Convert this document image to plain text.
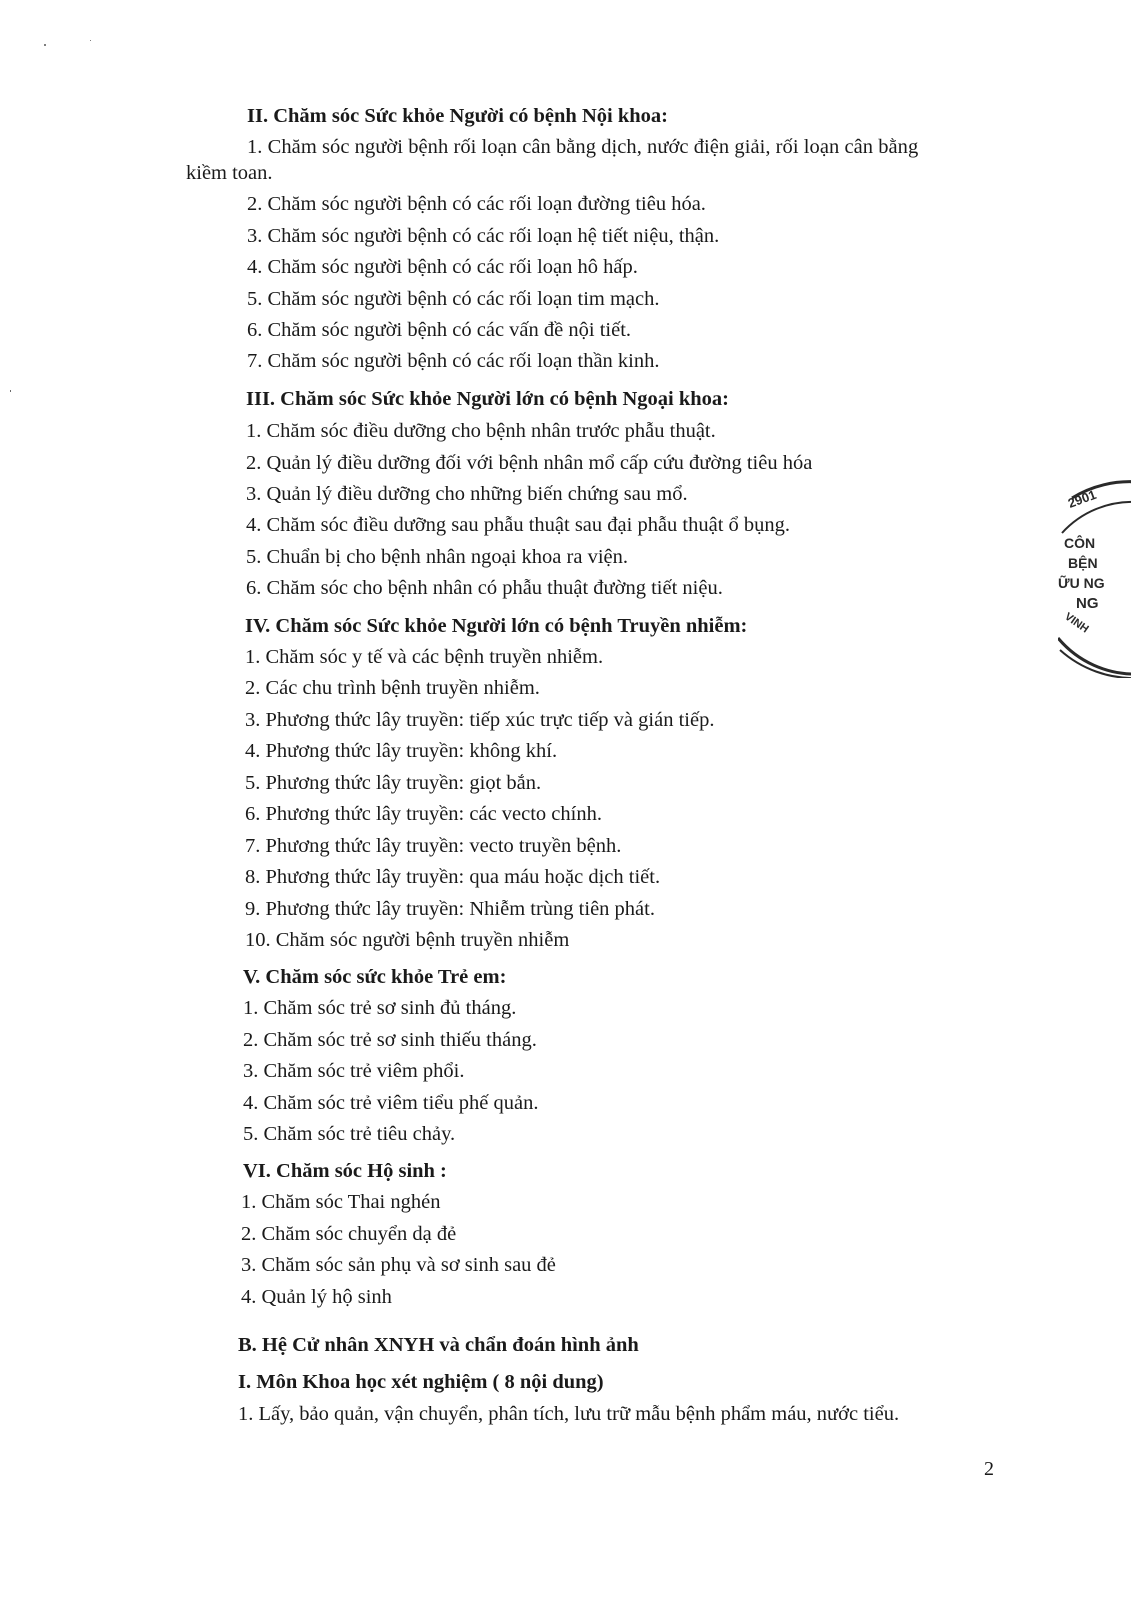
II. Chăm sóc Sức khỏe Người có bệnh Nội khoa:
1. Chăm sóc người bệnh rối loạn cân bằng dịch, nước điện giải, rối loạn cân bằng
kiềm toan.
2. Chăm sóc người bệnh có các rối loạn đường tiêu hóa.
3. Chăm sóc người bệnh có các rối loạn hệ tiết niệu, thận.
4. Chăm sóc người bệnh có các rối loạn hô hấp.
5. Chăm sóc người bệnh có các rối loạn tim mạch.
6. Chăm sóc người bệnh có các vấn đề nội tiết.
7. Chăm sóc người bệnh có các rối loạn thần kinh.
III. Chăm sóc Sức khỏe Người lớn có bệnh Ngoại khoa:
1. Chăm sóc điều dưỡng cho bệnh nhân trước phẫu thuật.
2. Quản lý điều dưỡng đối với bệnh nhân mổ cấp cứu đường tiêu hóa
3. Quản lý điều dưỡng cho những biến chứng sau mổ.
4. Chăm sóc điều dưỡng sau phẫu thuật sau đại phẫu thuật ổ bụng.
5. Chuẩn bị cho bệnh nhân ngoại khoa ra viện.
6. Chăm sóc cho bệnh nhân có phẫu thuật đường tiết niệu.
IV. Chăm sóc Sức khỏe Người lớn có bệnh Truyền nhiễm:
1. Chăm sóc y tế và các bệnh truyền nhiễm.
2. Các chu trình bệnh truyền nhiễm.
3. Phương thức lây truyền: tiếp xúc trực tiếp và gián tiếp.
4. Phương thức lây truyền: không khí.
5. Phương thức lây truyền: giọt bắn.
6. Phương thức lây truyền: các vecto chính.
7. Phương thức lây truyền: vecto truyền bệnh.
8. Phương thức lây truyền: qua máu hoặc dịch tiết.
9. Phương thức lây truyền: Nhiễm trùng tiên phát.
10. Chăm sóc người bệnh truyền nhiễm
V. Chăm sóc sức khỏe Trẻ em:
1. Chăm sóc trẻ sơ sinh đủ tháng.
2. Chăm sóc trẻ sơ sinh thiếu tháng.
3. Chăm sóc trẻ viêm phổi.
4. Chăm sóc trẻ viêm tiểu phế quản.
5. Chăm sóc trẻ tiêu chảy.
VI. Chăm sóc Hộ sinh :
1. Chăm sóc Thai nghén
2. Chăm sóc chuyển dạ đẻ
3. Chăm sóc sản phụ và sơ sinh sau đẻ
4. Quản lý hộ sinh
B. Hệ Cử nhân XNYH và chẩn đoán hình ảnh
I. Môn Khoa học xét nghiệm ( 8 nội dung)
1. Lấy, bảo quản, vận chuyển, phân tích, lưu trữ mẫu bệnh phẩm máu, nước tiểu.
2
2901
CÔN
BỆN
ỮU NG
NG
VINH
